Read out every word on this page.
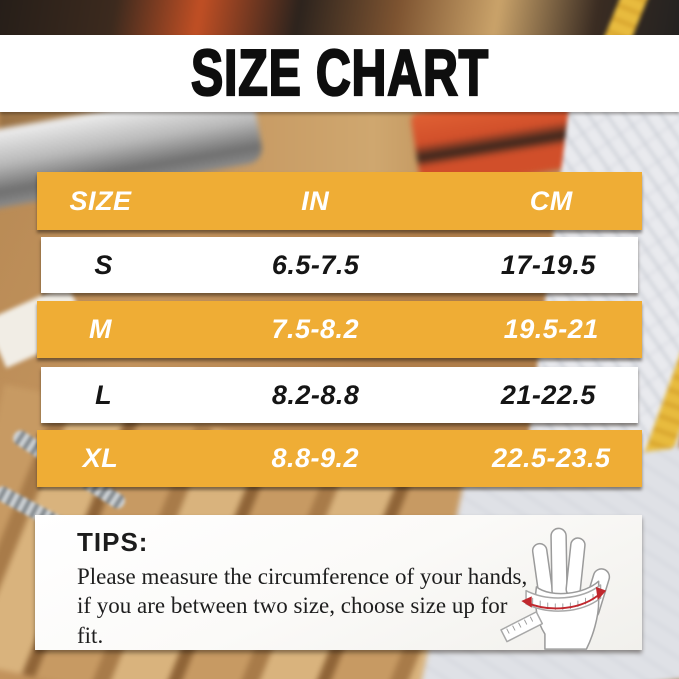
SIZE CHART
SIZE	IN	CM
S	6.5-7.5	17-19.5
M	7.5-8.2	19.5-21
L	8.2-8.8	21-22.5
XL	8.8-9.2	22.5-23.5
TIPS:
Please measure the circumference of your hands, if you are between two size, choose size up for fit.
